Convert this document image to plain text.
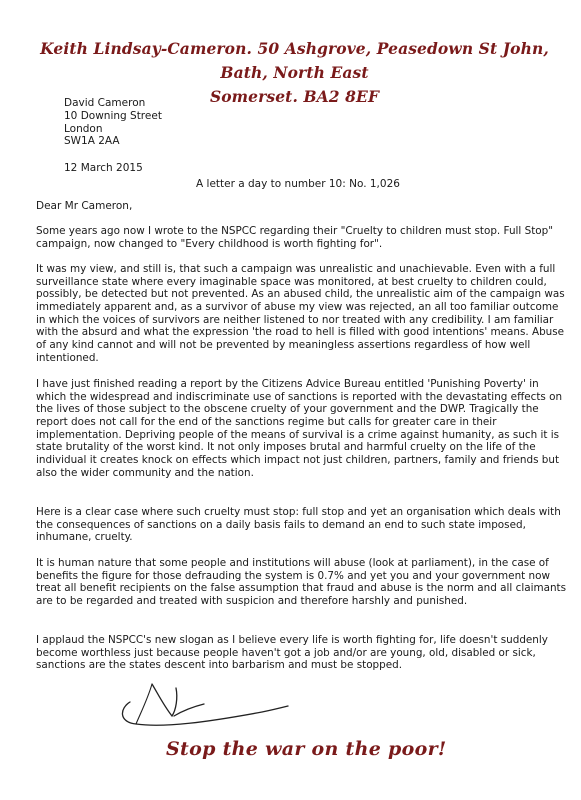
Keith Lindsay-Cameron. 50 Ashgrove, Peasedown St John, Bath, North East
Somerset. BA2 8EF
David Cameron
10 Downing Street
London
SW1A 2AA
12 March 2015
A letter a day to number 10: No. 1,026
Dear Mr Cameron,

Some years ago now I wrote to the NSPCC regarding their "Cruelty to children must stop. Full Stop" campaign, now changed to "Every childhood is worth fighting for".

It was my view, and still is, that such a campaign was unrealistic and unachievable. Even with a full surveillance state where every imaginable space was monitored, at best cruelty to children could, possibly, be detected but not prevented. As an abused child, the unrealistic aim of the campaign was immediately apparent and, as a survivor of abuse my view was rejected, an all too familiar outcome in which the voices of survivors are neither listened to nor treated with any credibility. I am familiar with the absurd and what the expression 'the road to hell is filled with good intentions' means. Abuse of any kind cannot and will not be prevented by meaningless assertions regardless of how well intentioned.

I have just finished reading a report by the Citizens Advice Bureau entitled 'Punishing Poverty' in which the widespread and indiscriminate use of sanctions is reported with the devastating effects on the lives of those subject to the obscene cruelty of your government and the DWP. Tragically the report does not call for the end of the sanctions regime but calls for greater care in their implementation. Depriving people of the means of survival is a crime against humanity, as such it is state brutality of the worst kind. It not only imposes brutal and harmful cruelty on the life of the individual it creates knock on effects which impact not just children, partners, family and friends but also the wider community and the nation.

Here is a clear case where such cruelty must stop: full stop and yet an organisation which deals with the consequences of sanctions on a daily basis fails to demand an end to such state imposed, inhumane, cruelty.

It is human nature that some people and institutions will abuse (look at parliament), in the case of benefits the figure for those defrauding the system is 0.7% and yet you and your government now treat all benefit recipients on the false assumption that fraud and abuse is the norm and all claimants are to be regarded and treated with suspicion and therefore harshly and punished.

I applaud the NSPCC's new slogan as I believe every life is worth fighting for, life doesn't suddenly become worthless just because people haven't got a job and/or are young, old, disabled or sick, sanctions are the states descent into barbarism and must be stopped.

Stop the war on the poor!
